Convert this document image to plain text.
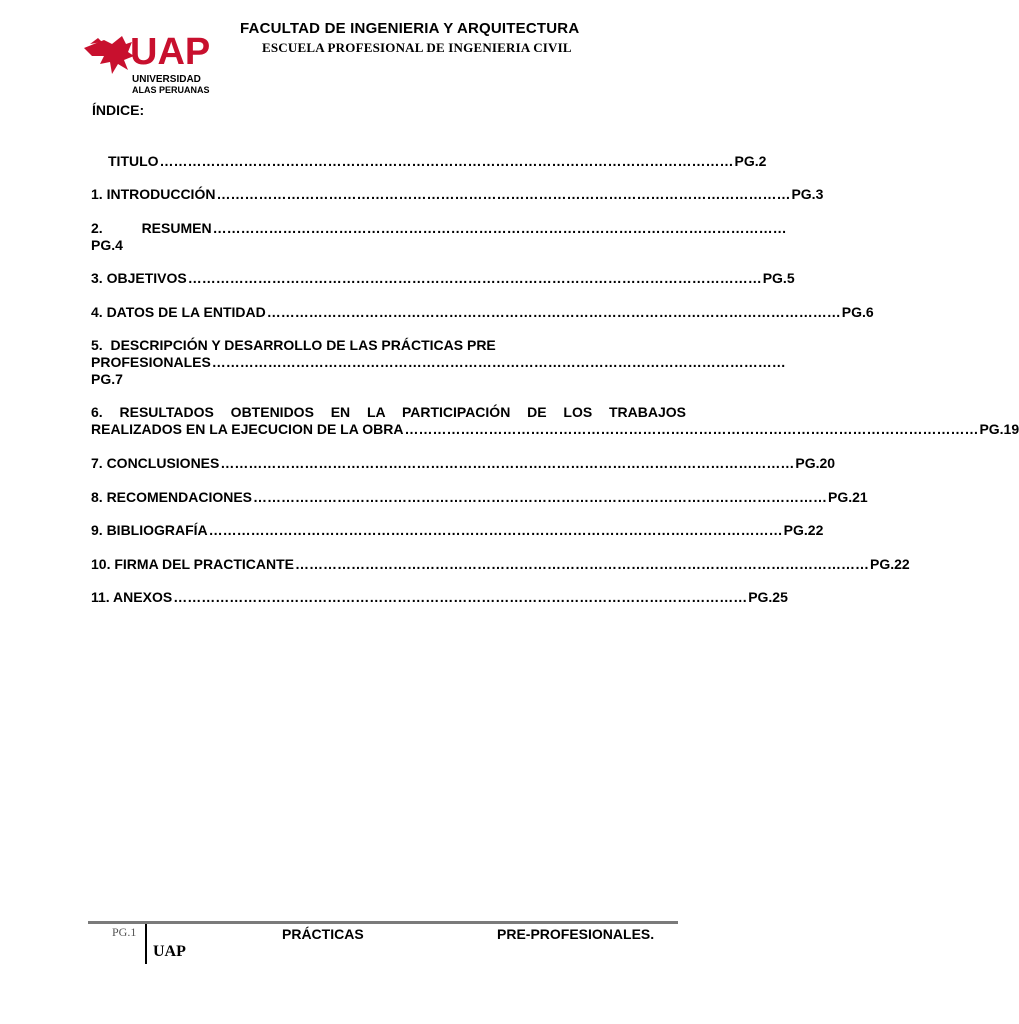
UAP
UNIVERSIDAD
ALAS PERUANAS
FACULTAD DE INGENIERIA Y ARQUITECTURA
ESCUELA PROFESIONAL DE INGENIERIA CIVIL
ÍNDICE:
TITULO …………………………………………………………………………………………………………… PG.2
1. INTRODUCCIÓN …………………………………………………………………………………………………………… PG.3
2.          RESUMEN ……………………………………………………………………………………………………………
PG.4
3. OBJETIVOS …………………………………………………………………………………………………………… PG.5
4. DATOS DE LA ENTIDAD …………………………………………………………………………………………………………… PG.6
5.  DESCRIPCIÓN Y DESARROLLO DE LAS PRÁCTICAS PRE
PROFESIONALES ……………………………………………………………………………………………………………
PG.7
6. RESULTADOS OBTENIDOS EN LA PARTICIPACIÓN DE LOS TRABAJOS
REALIZADOS EN LA EJECUCION DE LA OBRA …………………………………………………………………………………………………………… PG.19
7. CONCLUSIONES …………………………………………………………………………………………………………… PG.20
8. RECOMENDACIONES …………………………………………………………………………………………………………… PG.21
9. BIBLIOGRAFÍA …………………………………………………………………………………………………………… PG.22
10. FIRMA DEL PRACTICANTE …………………………………………………………………………………………………………… PG.22
11. ANEXOS …………………………………………………………………………………………………………… PG.25
PG.1	PRÁCTICAS	PRE-PROFESIONALES.
UAP
